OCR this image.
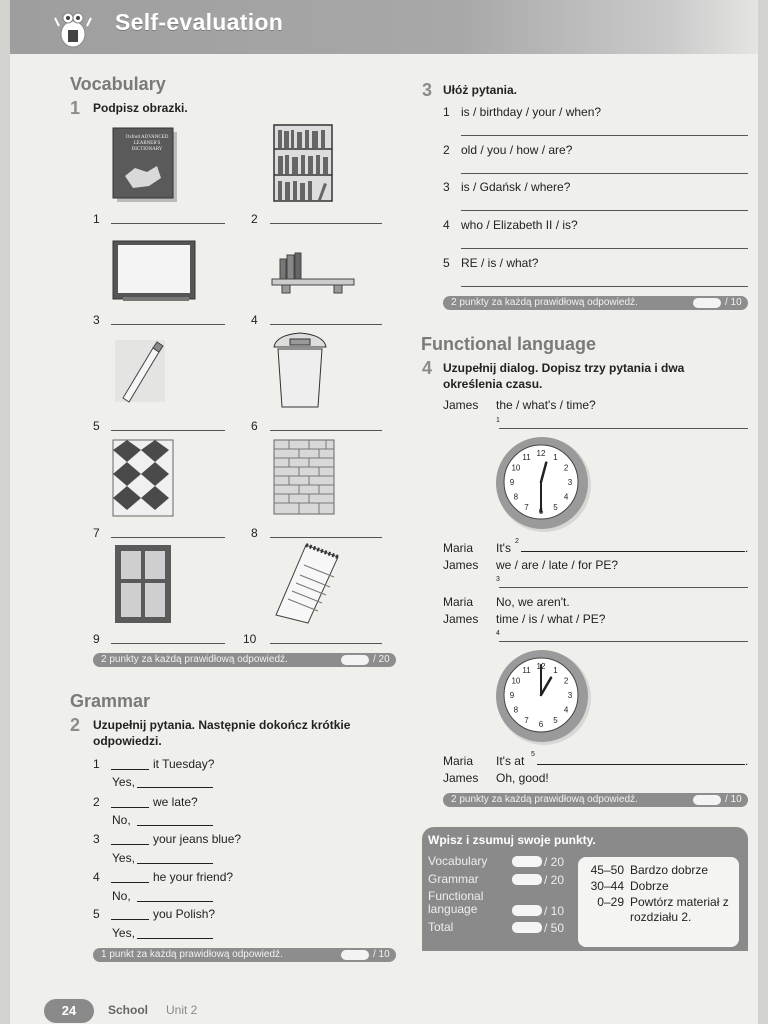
Self-evaluation
Vocabulary
1 Podpisz obrazki.
Oxford ADVANCED LEARNER'S DICTIONARY
1	2
3	4
5	6
7	8
9	10
2 punkty za każdą prawidłową odpowiedź.	/ 20
Grammar
2 Uzupełnij pytania. Następnie dokończ krótkie odpowiedzi.
1	it Tuesday?
Yes,
2	we late?
No,
3	your jeans blue?
Yes,
4	he your friend?
No,
5	you Polish?
Yes,
1 punkt za każdą prawidłową odpowiedź.	/ 10
3 Ułóż pytania.
1 is / birthday / your / when?
2 old / you / how / are?
3 is / Gdańsk / where?
4 who / Elizabeth II / is?
5 RE / is / what?
2 punkty za każdą prawidłową odpowiedź.	/ 10
Functional language
4 Uzupełnij dialog. Dopisz trzy pytania i dwa określenia czasu.
James the / what's / time?
1
12 1
2
3
4
5
6
7
8
9
10
11
Maria It's 2	.
James we / are / late / for PE?
3
Maria No, we aren't.
James time / is / what / PE?
4
12 1
2
3
4
5
6
7
8
9
10
11
Maria It's at 5	.
James Oh, good!
2 punkty za każdą prawidłową odpowiedź.	/ 10
Wpisz i zsumuj swoje punkty.
Vocabulary	/ 20
Grammar	/ 20
Functional language	/ 10
Total	/ 50
45–50 Bardzo dobrze
30–44 Dobrze
0–29 Powtórz materiał z rozdziału 2.
24	School Unit 2
